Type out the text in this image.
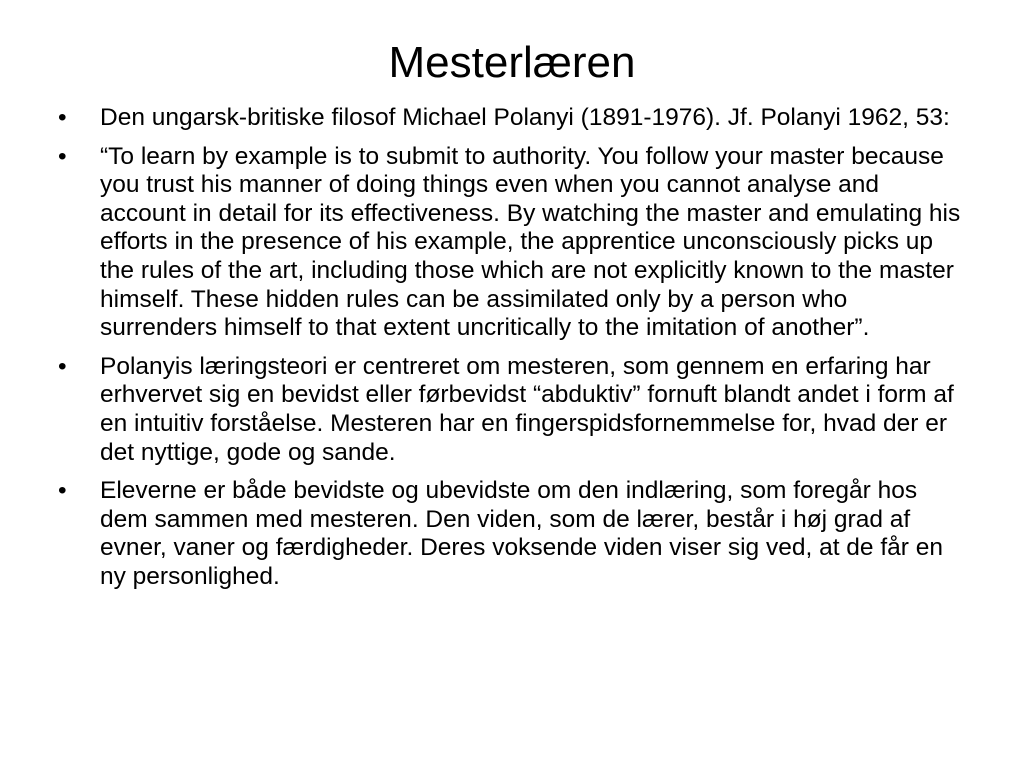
Mesterlæren
• Den ungarsk-britiske filosof Michael Polanyi (1891-1976). Jf. Polanyi 1962, 53:
• “To learn by example is to submit to authority. You follow your master because you trust his manner of doing things even when you cannot analyse and account in detail for its effectiveness. By watching the master and emulating his efforts in the presence of his example, the apprentice unconsciously picks up the rules of the art, including those which are not explicitly known to the master himself. These hidden rules can be assimilated only by a person who surrenders himself to that extent uncritically to the imitation of another”.
• Polanyis læringsteori er centreret om mesteren, som gennem en erfaring har erhvervet sig en bevidst eller førbevidst “abduktiv” fornuft blandt andet i form af en intuitiv forståelse. Mesteren har en fingerspidsfornemmelse for, hvad der er det nyttige, gode og sande.
• Eleverne er både bevidste og ubevidste om den indlæring, som foregår hos dem sammen med mesteren. Den viden, som de lærer, består i høj grad af evner, vaner og færdigheder. Deres voksende viden viser sig ved, at de får en ny personlighed.
